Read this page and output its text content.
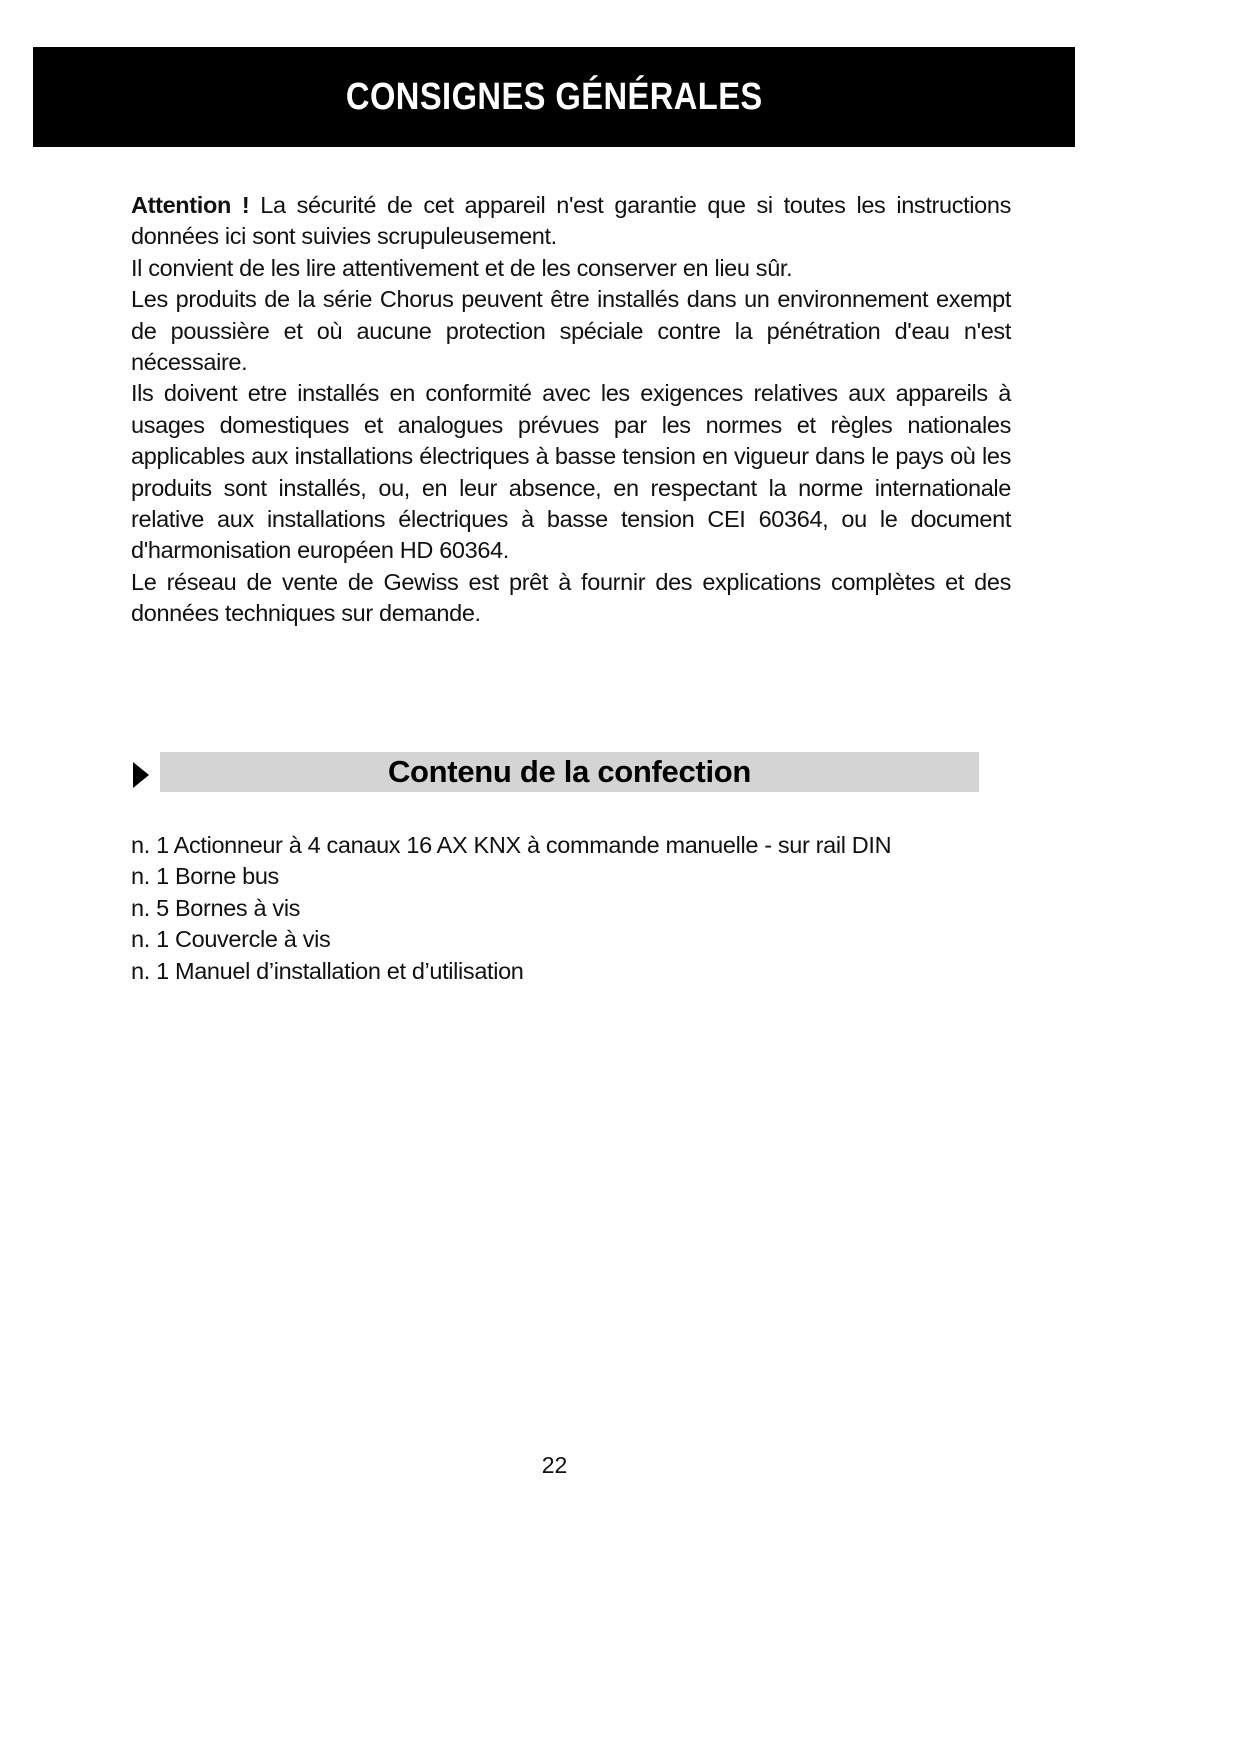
CONSIGNES GÉNÉRALES

Attention ! La sécurité de cet appareil n'est garantie que si toutes les instructions données ici sont suivies scrupuleusement.

Il convient de les lire attentivement et de les conserver en lieu sûr.

Les produits de la série Chorus peuvent être installés dans un environnement exempt de poussière et où aucune protection spéciale contre la pénétration d'eau n'est nécessaire.

Ils doivent etre installés en conformité avec les exigences relatives aux appareils à usages domestiques et analogues prévues par les normes et règles nationales applicables aux installations électriques à basse tension en vigueur dans le pays où les produits sont installés, ou, en leur absence, en respectant la norme internationale relative aux installations électriques à basse tension CEI 60364, ou le document d'harmonisation européen HD 60364.

Le réseau de vente de Gewiss est prêt à fournir des explications complètes et des données techniques sur demande.

Contenu de la confection
n. 1 Actionneur à 4 canaux 16 AX KNX à commande manuelle - sur rail DIN
n. 1 Borne bus
n. 5 Bornes à vis
n. 1 Couvercle à vis
n. 1 Manuel d’installation et d’utilisation
22
